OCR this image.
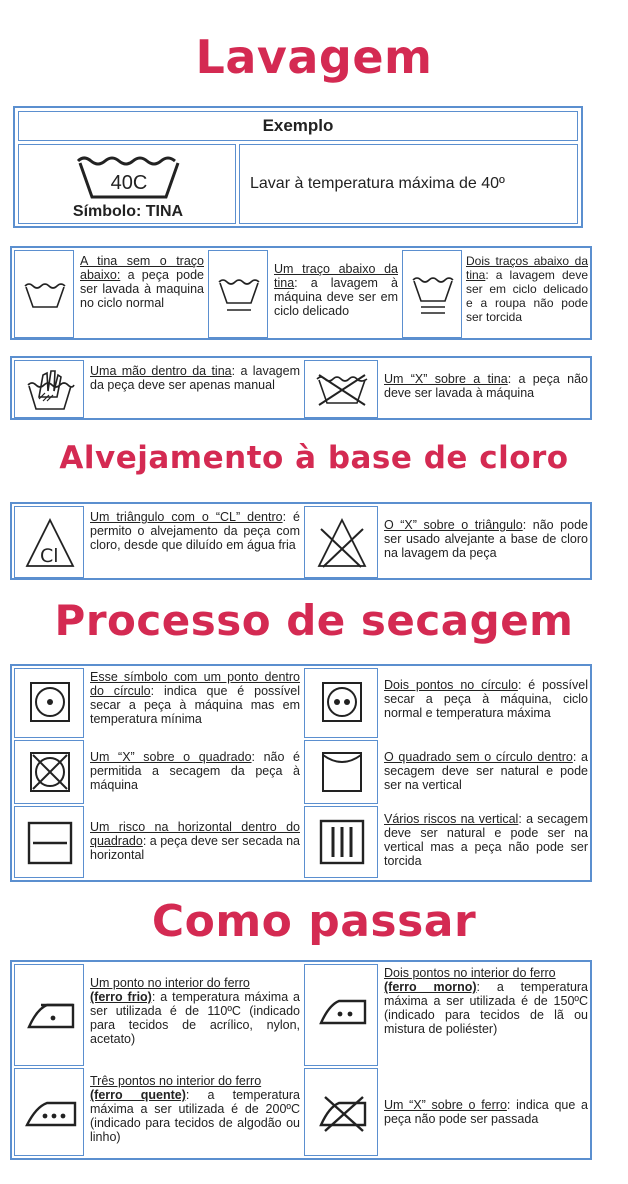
Lavagem
Exemplo
40C
Símbolo: TINA
Lavar à temperatura máxima de 40º
A tina sem o traço abaixo: a peça pode ser lavada à maquina no ciclo normal
Um traço abaixo da tina: a lavagem à máquina deve ser em ciclo delicado
Dois traços abaixo da tina: a lavagem deve ser em ciclo delicado e a roupa não pode ser torcida
Uma mão dentro da tina: a lavagem da peça deve ser apenas manual	Um “X” sobre a tina: a peça não deve ser lavada à máquina
Alvejamento à base de cloro
Cl
Um triângulo com o “CL” dentro: é permito o alvejamento da peça com cloro, desde que diluído em água fria
O “X” sobre o triângulo: não pode ser usado alvejante a base de cloro na lavagem da peça
Processo de secagem
Esse símbolo com um ponto dentro do círculo: indica que é possível secar a peça à máquina mas em temperatura mínima
Dois pontos no círculo: é possível secar a peça à máquina, ciclo normal e temperatura máxima
Um “X” sobre o quadrado: não é permitida a secagem da peça à máquina
O quadrado sem o círculo dentro: a secagem deve ser natural e pode ser na vertical
Um risco na horizontal dentro do quadrado: a peça deve ser secada na horizontal
Vários riscos na vertical: a secagem deve ser natural e pode ser na vertical mas a peça não pode ser torcida
Como passar
Um ponto no interior do ferro
(ferro frio): a temperatura máxima a ser utilizada é de 110ºC (indicado para tecidos de acrílico, nylon, acetato)
Dois pontos no interior do ferro
(ferro morno): a temperatura máxima a ser utilizada é de 150ºC (indicado para tecidos de lã ou mistura de poliéster)
Três pontos no interior do ferro
(ferro quente): a temperatura máxima a ser utilizada é de 200ºC (indicado para tecidos de algodão ou linho)
Um “X” sobre o ferro: indica que a peça não pode ser passada
